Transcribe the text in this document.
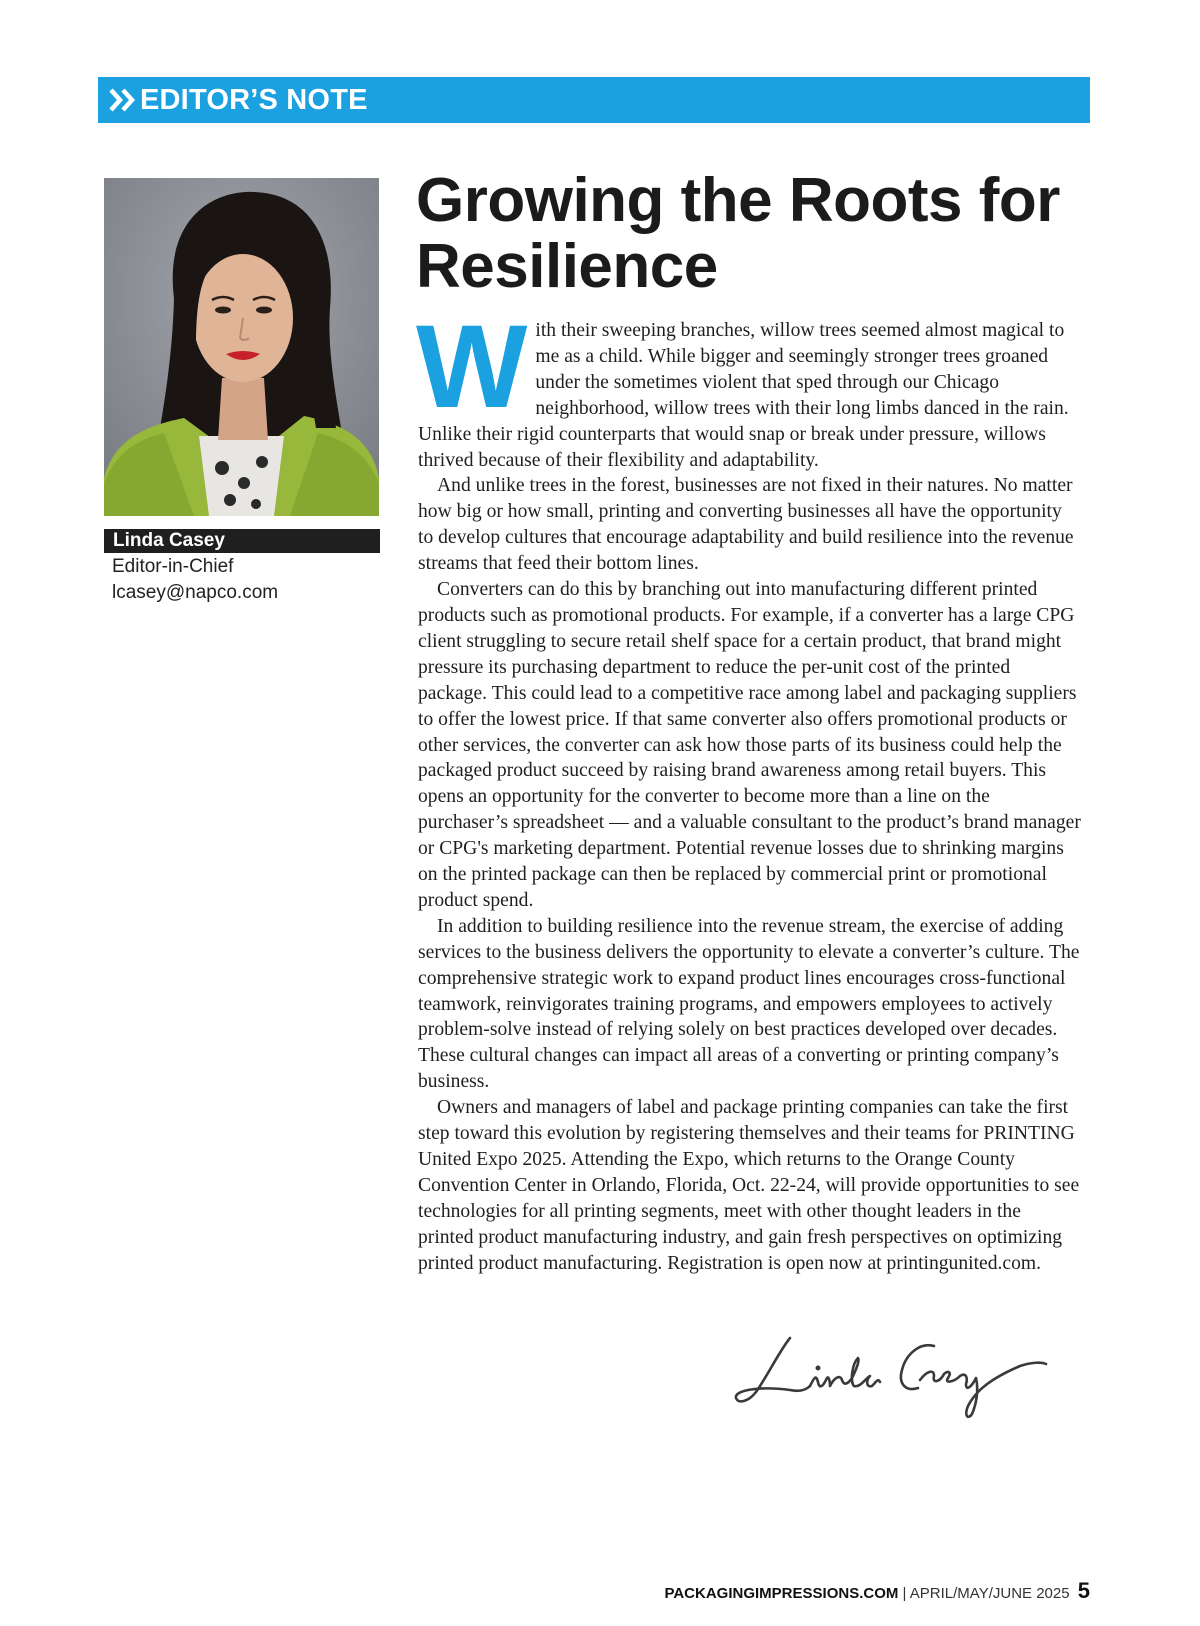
EDITOR’S NOTE
Linda Casey
Editor-in-Chief
lcasey@napco.com
Growing the Roots for Resilience

With their sweeping branches, willow trees seemed almost magical to me as a child. While bigger and seemingly stronger trees groaned under the sometimes violent that sped through our Chicago neighborhood, willow trees with their long limbs danced in the rain. Unlike their rigid counterparts that would snap or break under pressure, willows thrived because of their flexibility and adaptability.

And unlike trees in the forest, businesses are not fixed in their natures. No matter how big or how small, printing and converting businesses all have the opportunity to develop cultures that encourage adaptability and build resilience into the revenue streams that feed their bottom lines.

Converters can do this by branching out into manufacturing different printed products such as promotional products. For example, if a converter has a large CPG client struggling to secure retail shelf space for a certain product, that brand might pressure its purchasing department to reduce the per-unit cost of the printed package. This could lead to a competitive race among label and packaging suppliers to offer the lowest price. If that same converter also offers promotional products or other services, the converter can ask how those parts of its business could help the packaged product succeed by raising brand awareness among retail buyers. This opens an opportunity for the converter to become more than a line on the purchaser’s spreadsheet — and a valuable consultant to the product’s brand manager or CPG's marketing department. Potential revenue losses due to shrinking margins on the printed package can then be replaced by commercial print or promotional product spend.

In addition to building resilience into the revenue stream, the exercise of adding services to the business delivers the opportunity to elevate a converter’s culture. The comprehensive strategic work to expand product lines encourages cross-functional teamwork, reinvigorates training programs, and empowers employees to actively problem-solve instead of relying solely on best practices developed over decades. These cultural changes can impact all areas of a converting or printing company’s business.

Owners and managers of label and package printing companies can take the first step toward this evolution by registering themselves and their teams for PRINTING United Expo 2025. Attending the Expo, which returns to the Orange County Convention Center in Orlando, Florida, Oct. 22-24, will provide opportunities to see technologies for all printing segments, meet with other thought leaders in the printed product manufacturing industry, and gain fresh perspectives on optimizing printed product manufacturing. Registration is open now at printingunited.com.

PACKAGINGIMPRESSIONS.COM | APRIL/MAY/JUNE 2025 5
